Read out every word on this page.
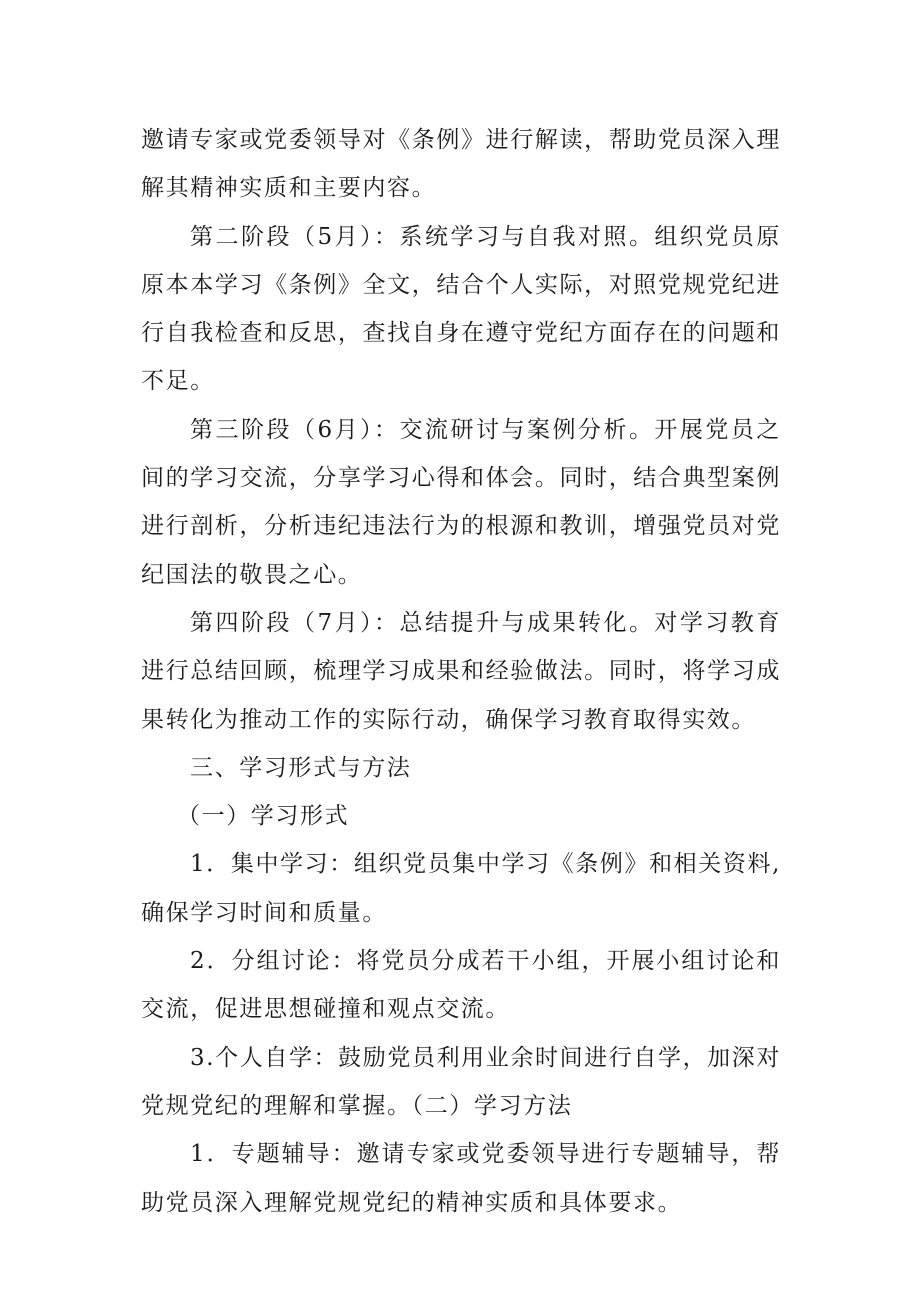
邀请专家或党委领导对《条例》进行解读，帮助党员深入理解其精神实质和主要内容。

第二阶段（5月）：系统学习与自我对照。组织党员原原本本学习《条例》全文，结合个人实际，对照党规党纪进行自我检查和反思，查找自身在遵守党纪方面存在的问题和不足。

第三阶段（6月）：交流研讨与案例分析。开展党员之间的学习交流，分享学习心得和体会。同时，结合典型案例进行剖析，分析违纪违法行为的根源和教训，增强党员对党纪国法的敬畏之心。

第四阶段（7月）：总结提升与成果转化。对学习教育进行总结回顾，梳理学习成果和经验做法。同时，将学习成果转化为推动工作的实际行动，确保学习教育取得实效。

三、学习形式与方法

（一）学习形式

1．集中学习：组织党员集中学习《条例》和相关资料,确保学习时间和质量。

2．分组讨论：将党员分成若干小组，开展小组讨论和交流，促进思想碰撞和观点交流。

3.个人自学：鼓励党员利用业余时间进行自学，加深对党规党纪的理解和掌握。（二）学习方法

1．专题辅导：邀请专家或党委领导进行专题辅导，帮助党员深入理解党规党纪的精神实质和具体要求。
